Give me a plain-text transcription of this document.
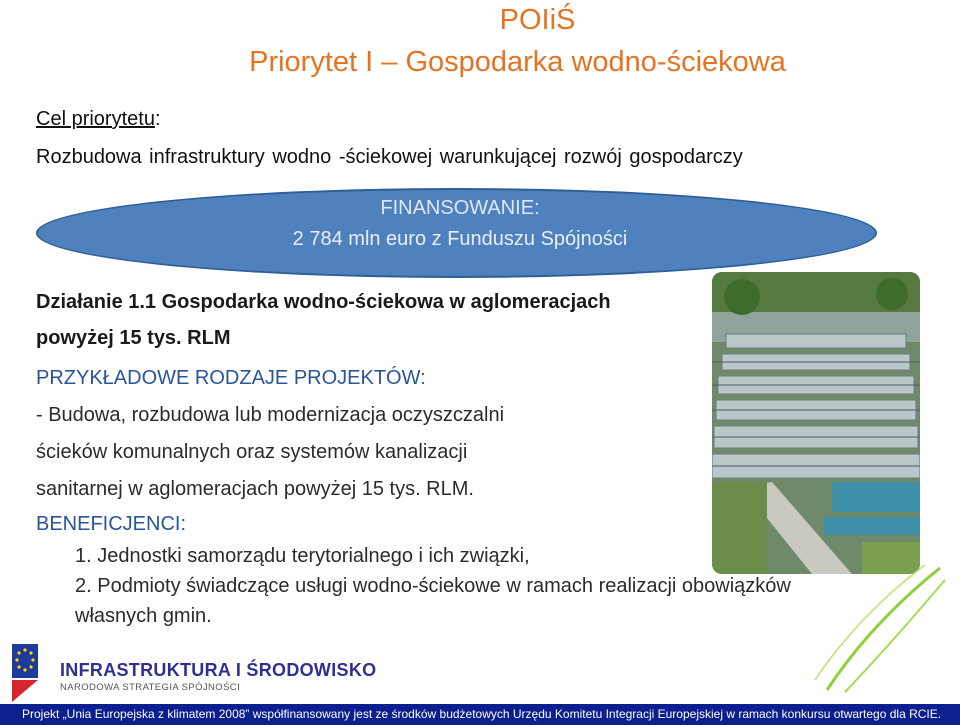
POIiŚ
Priorytet I – Gospodarka wodno-ściekowa
Cel priorytetu:
Rozbudowa infrastruktury wodno -ściekowej warunkującej rozwój gospodarczy
FINANSOWANIE:
2 784 mln euro z Funduszu Spójności
Działanie 1.1 Gospodarka wodno-ściekowa w aglomeracjach
powyżej 15 tys. RLM
PRZYKŁADOWE RODZAJE PROJEKTÓW:
- Budowa, rozbudowa lub modernizacja oczyszczalni
ścieków komunalnych oraz systemów kanalizacji
sanitarnej w aglomeracjach powyżej 15 tys. RLM.
BENEFICJENCI:
1. Jednostki samorządu terytorialnego i ich związki,
2. Podmioty świadczące usługi wodno-ściekowe w ramach realizacji obowiązków
własnych gmin.
INFRASTRUKTURA I ŚRODOWISKO
NARODOWA STRATEGIA SPÓJNOŚCI
Projekt „Unia Europejska z klimatem 2008” współfinansowany jest ze środków budżetowych Urzędu Komitetu Integracji Europejskiej w ramach konkursu otwartego dla RCIE.
